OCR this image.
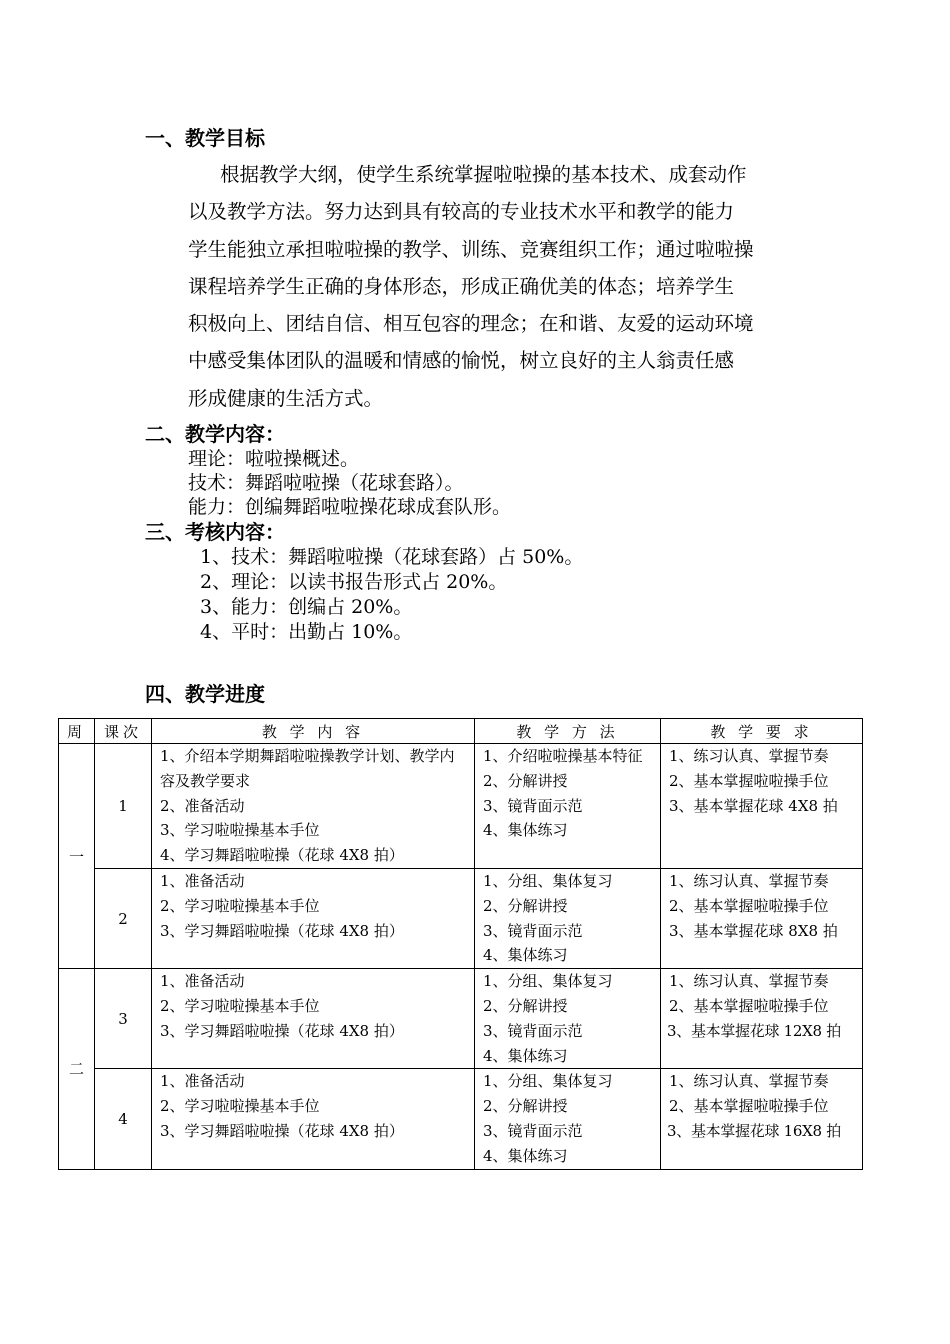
一、教学目标
根据教学大纲，使学生系统掌握啦啦操的基本技术、成套动作
以及教学方法。努力达到具有较高的专业技术水平和教学的能力
学生能独立承担啦啦操的教学、训练、竞赛组织工作；通过啦啦操
课程培养学生正确的身体形态，形成正确优美的体态；培养学生
积极向上、团结自信、相互包容的理念；在和谐、友爱的运动环境
中感受集体团队的温暖和情感的愉悦，树立良好的主人翁责任感
形成健康的生活方式。
二、教学内容：
理论：啦啦操概述。
技术：舞蹈啦啦操（花球套路）。
能力：创编舞蹈啦啦操花球成套队形。
三、考核内容：
1、技术：舞蹈啦啦操（花球套路）占 50%。
2、理论：以读书报告形式占 20%。
3、能力：创编占 20%。
4、平时：出勤占 10%。
四、教学进度
周	课次	教 学 内 容	教 学 方 法	教 学 要 求
一	1	1、介绍本学期舞蹈啦啦操教学计划、教学内容及教学要求
2、准备活动
3、学习啦啦操基本手位
4、学习舞蹈啦啦操（花球 4X8 拍）	1、介绍啦啦操基本特征
2、分解讲授
3、镜背面示范
4、集体练习	1、练习认真、掌握节奏
2、基本掌握啦啦操手位
3、基本掌握花球 4X8 拍

	2	1、准备活动
2、学习啦啦操基本手位
3、学习舞蹈啦啦操（花球 4X8 拍）	1、分组、集体复习
2、分解讲授
3、镜背面示范
4、集体练习	1、练习认真、掌握节奏
2、基本掌握啦啦操手位
3、基本掌握花球 8X8 拍

二	3	1、准备活动
2、学习啦啦操基本手位
3、学习舞蹈啦啦操（花球 4X8 拍）	1、分组、集体复习
2、分解讲授
3、镜背面示范
4、集体练习	1、练习认真、掌握节奏
2、基本掌握啦啦操手位
3、基本掌握花球 12X8 拍

	4	1、准备活动
2、学习啦啦操基本手位
3、学习舞蹈啦啦操（花球 4X8 拍）	1、分组、集体复习
2、分解讲授
3、镜背面示范
4、集体练习	1、练习认真、掌握节奏
2、基本掌握啦啦操手位
3、基本掌握花球 16X8 拍
